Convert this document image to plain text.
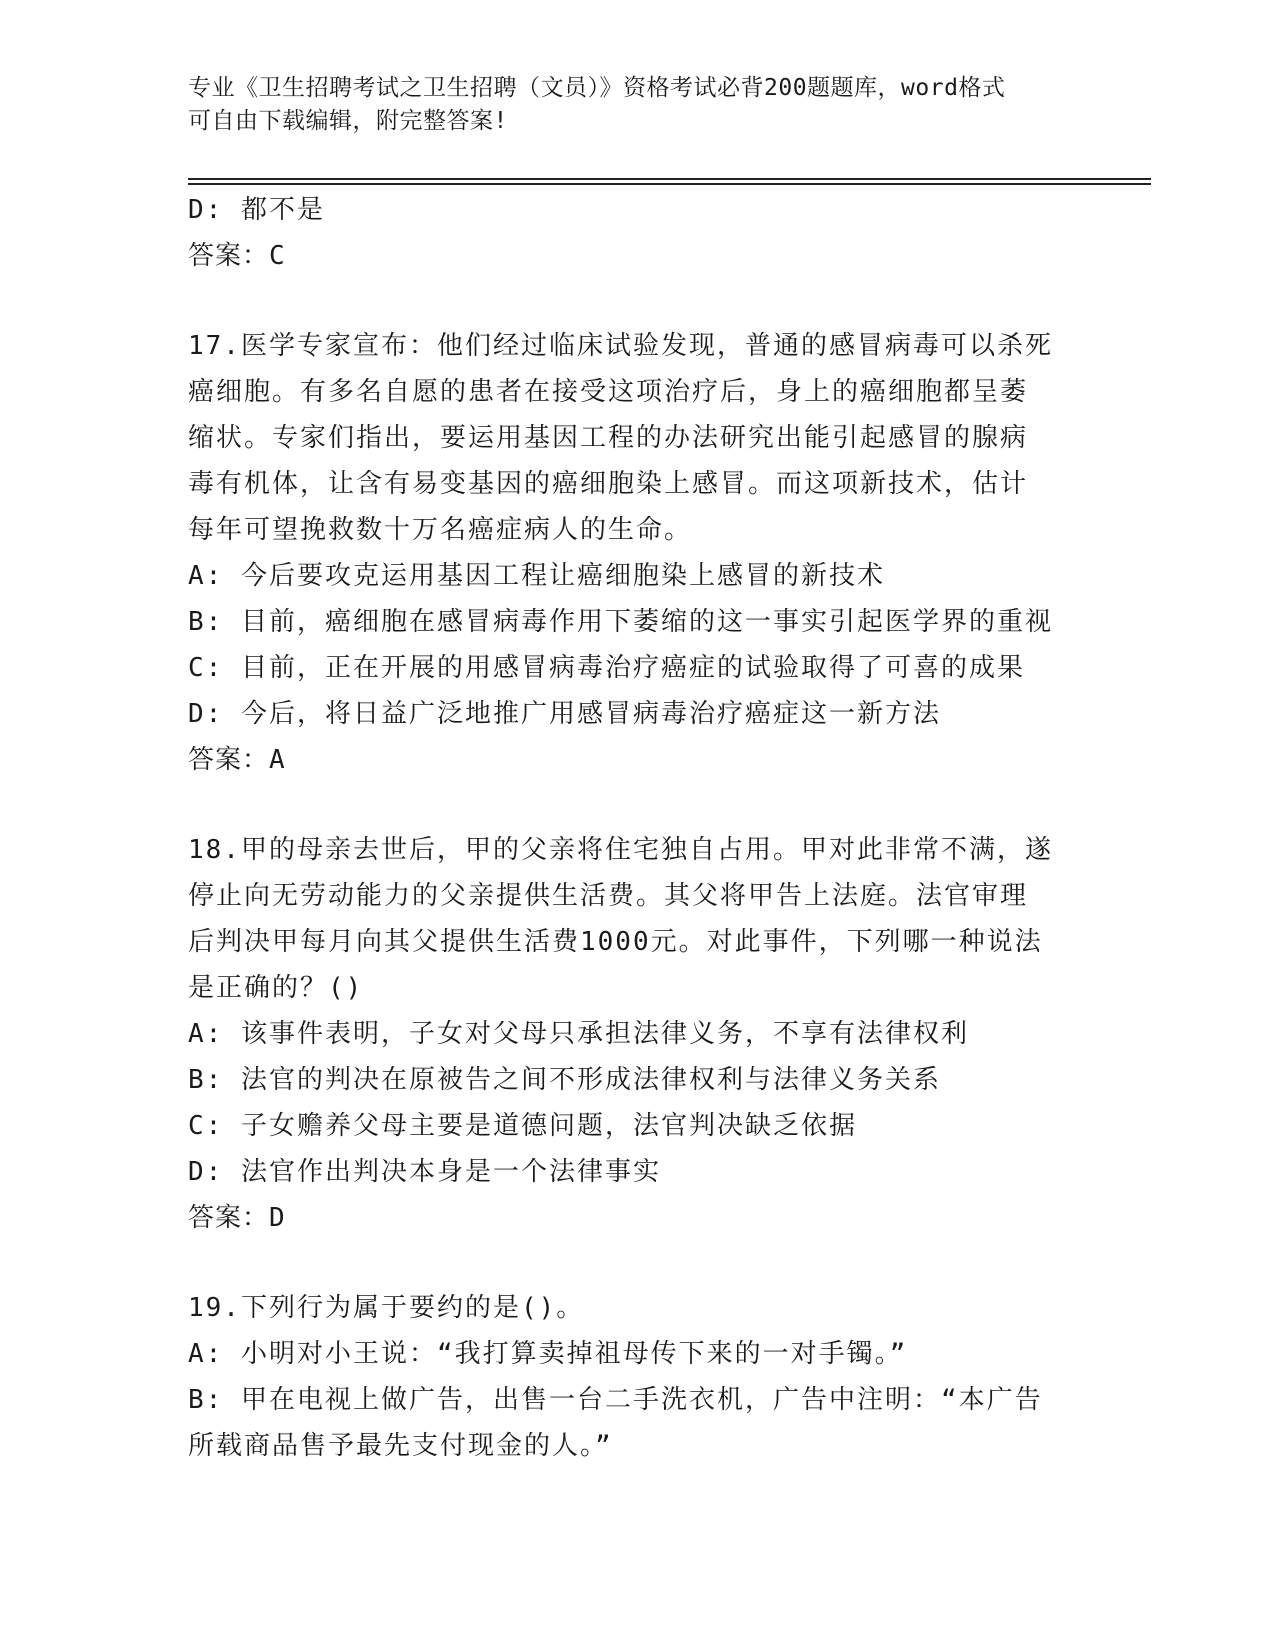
专业《卫生招聘考试之卫生招聘（文员）》资格考试必背200题题库，word格式
可自由下载编辑，附完整答案!
D: 都不是
答案：C
17.医学专家宣布：他们经过临床试验发现，普通的感冒病毒可以杀死
癌细胞。有多名自愿的患者在接受这项治疗后，身上的癌细胞都呈萎
缩状。专家们指出，要运用基因工程的办法研究出能引起感冒的腺病
毒有机体，让含有易变基因的癌细胞染上感冒。而这项新技术，估计
每年可望挽救数十万名癌症病人的生命。
A: 今后要攻克运用基因工程让癌细胞染上感冒的新技术
B: 目前，癌细胞在感冒病毒作用下萎缩的这一事实引起医学界的重视
C: 目前，正在开展的用感冒病毒治疗癌症的试验取得了可喜的成果
D: 今后，将日益广泛地推广用感冒病毒治疗癌症这一新方法
答案：A
18.甲的母亲去世后，甲的父亲将住宅独自占用。甲对此非常不满，遂
停止向无劳动能力的父亲提供生活费。其父将甲告上法庭。法官审理
后判决甲每月向其父提供生活费1000元。对此事件，下列哪一种说法
是正确的？()
A: 该事件表明，子女对父母只承担法律义务，不享有法律权利
B: 法官的判决在原被告之间不形成法律权利与法律义务关系
C: 子女赡养父母主要是道德问题，法官判决缺乏依据
D: 法官作出判决本身是一个法律事实
答案：D
19.下列行为属于要约的是()。
A: 小明对小王说：“我打算卖掉祖母传下来的一对手镯。”
B: 甲在电视上做广告，出售一台二手洗衣机，广告中注明：“本广告
所载商品售予最先支付现金的人。”
